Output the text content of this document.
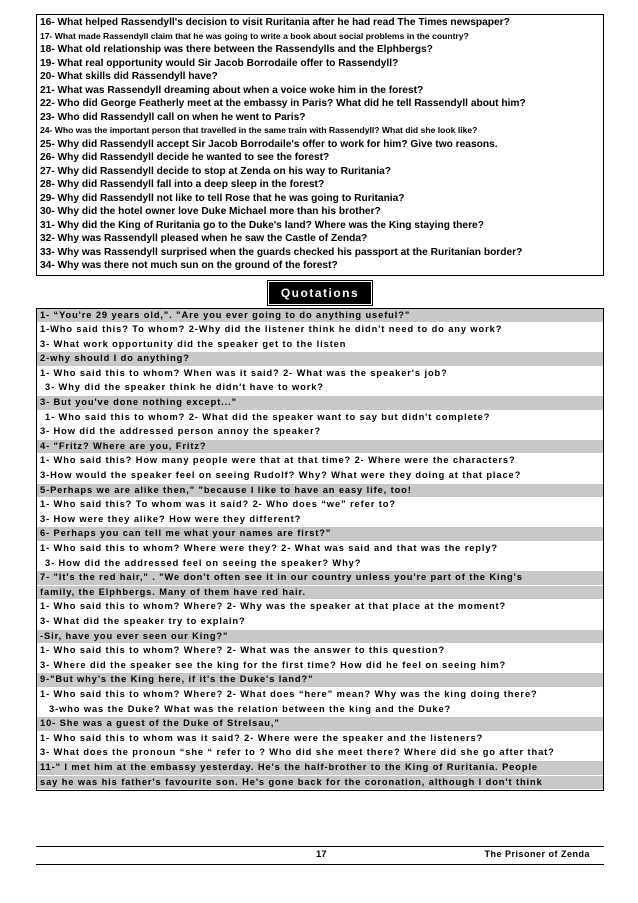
16- What helped Rassendyll's decision to visit Ruritania after he had read The Times newspaper?
17- What made Rassendyll claim that he was going to write a book about social problems in the country?
18- What old relationship was there between the Rassendylls and the Elphbergs?
19- What real opportunity would Sir Jacob Borrodaile offer to Rassendyll?
20- What skills did Rassendyll have?
21- What was Rassendyll dreaming about when a voice woke him in the forest?
22- Who did George Featherly meet at the embassy in Paris? What did he tell Rassendyll about him?
23- Who did Rassendyll call on when he went to Paris?
24- Who was the important person that travelled in the same train with Rassendyll? What did she look like?
25- Why did Rassendyll accept Sir Jacob Borrodaile's offer to work for him? Give two reasons.
26- Why did Rassendyll decide he wanted to see the forest?
27- Why did Rassendyll decide to stop at Zenda on his way to Ruritania?
28- Why did Rassendyll fall into a deep sleep in the forest?
29- Why did Rassendyll not like to tell Rose that he was going to Ruritania?
30- Why did the hotel owner love Duke Michael more than his brother?
31- Why did the King of Ruritania go to the Duke's land? Where was the King staying there?
32- Why was Rassendyll pleased when he saw the Castle of Zenda?
33- Why was Rassendyll surprised when the guards checked his passport at the Ruritanian border?
34- Why was there not much sun on the ground of the forest?
Quotations
1- “You're 29 years old,". "Are you ever going to do anything useful?"
1-Who said this? To whom? 2-Why did the listener think he didn't need to do any work?
3- What work opportunity did the speaker get to the listen
2-why should I do anything?
1- Who said this to whom? When was it said? 2- What was the speaker's job?
3- Why did the speaker think he didn't have to work?
3- But you've done nothing except..."
1- Who said this to whom? 2- What did the speaker want to say but didn't complete?
3- How did the addressed person annoy the speaker?
4- "Fritz? Where are you, Fritz?
1- Who said this? How many people were that at that time? 2- Where were the characters?
3-How would the speaker feel on seeing Rudolf? Why? What were they doing at that place?
5-Perhaps we are alike then," "because I like to have an easy life, too!
1- Who said this? To whom was it said? 2- Who does “we” refer to?
3- How were they alike? How were they different?
6- Perhaps you can tell me what your names are first?"
1- Who said this to whom? Where were they? 2- What was said and that was the reply?
3- How did the addressed feel on seeing the speaker? Why?
7- "It's the red hair," . "We don't often see it in our country unless you're part of the King's
family, the Elphbergs. Many of them have red hair.
1- Who said this to whom? Where? 2- Why was the speaker at that place at the moment?
3- What did the speaker try to explain?
-Sir, have you ever seen our King?"
1- Who said this to whom? Where? 2- What was the answer to this question?
3- Where did the speaker see the king for the first time? How did he feel on seeing him?
9-"But why's the King here, if it's the Duke's land?"
1- Who said this to whom? Where? 2- What does “here” mean? Why was the king doing there?
3-who was the Duke? What was the relation between the king and the Duke?
10- She was a guest of the Duke of Strelsau,"
1- Who said this to whom was it said? 2- Where were the speaker and the listeners?
3- What does the pronoun “she “ refer to ? Who did she meet there? Where did she go after that?
11-" I met him at the embassy yesterday. He's the half-brother to the King of Ruritania. People
say he was his father's favourite son. He's gone back for the coronation, although I don't think
17	The Prisoner of Zenda
